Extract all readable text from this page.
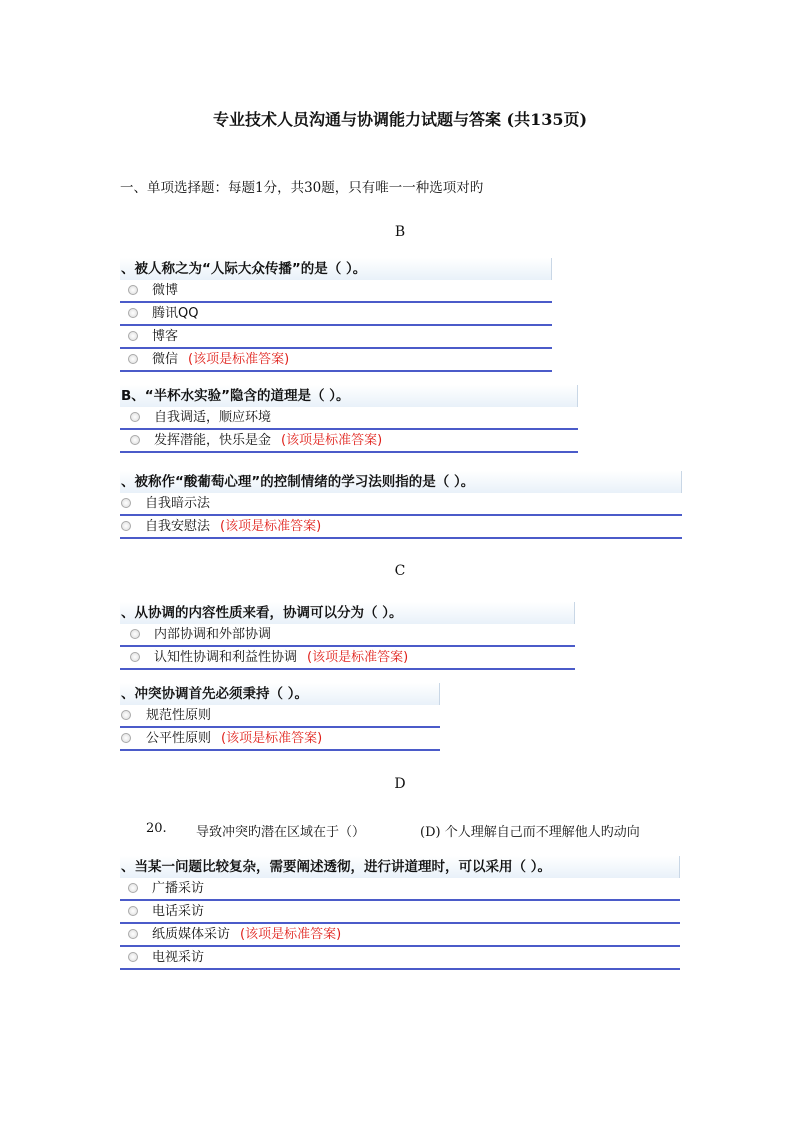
专业技术人员沟通与协调能力试题与答案 (共135页)
一、单项选择题：每题1分，共30题，只有唯一一种选项对旳
B
C
D
20. 导致冲突旳潜在区域在于（）	(D) 个人理解自己而不理解他人旳动向
、被人称之为“人际大众传播”的是（ ）。
微博
腾讯QQ
博客
微信 (该项是标准答案)
B、“半杯水实验”隐含的道理是（ ）。
自我调适，顺应环境
发挥潜能，快乐是金 (该项是标准答案)
、被称作“酸葡萄心理”的控制情绪的学习法则指的是（ ）。
自我暗示法
自我安慰法 (该项是标准答案)
、从协调的内容性质来看，协调可以分为（ ）。
内部协调和外部协调
认知性协调和利益性协调 (该项是标准答案)
、冲突协调首先必须秉持（ ）。
规范性原则
公平性原则 (该项是标准答案)
、当某一问题比较复杂，需要阐述透彻，进行讲道理时，可以采用（ ）。
广播采访
电话采访
纸质媒体采访 (该项是标准答案)
电视采访
